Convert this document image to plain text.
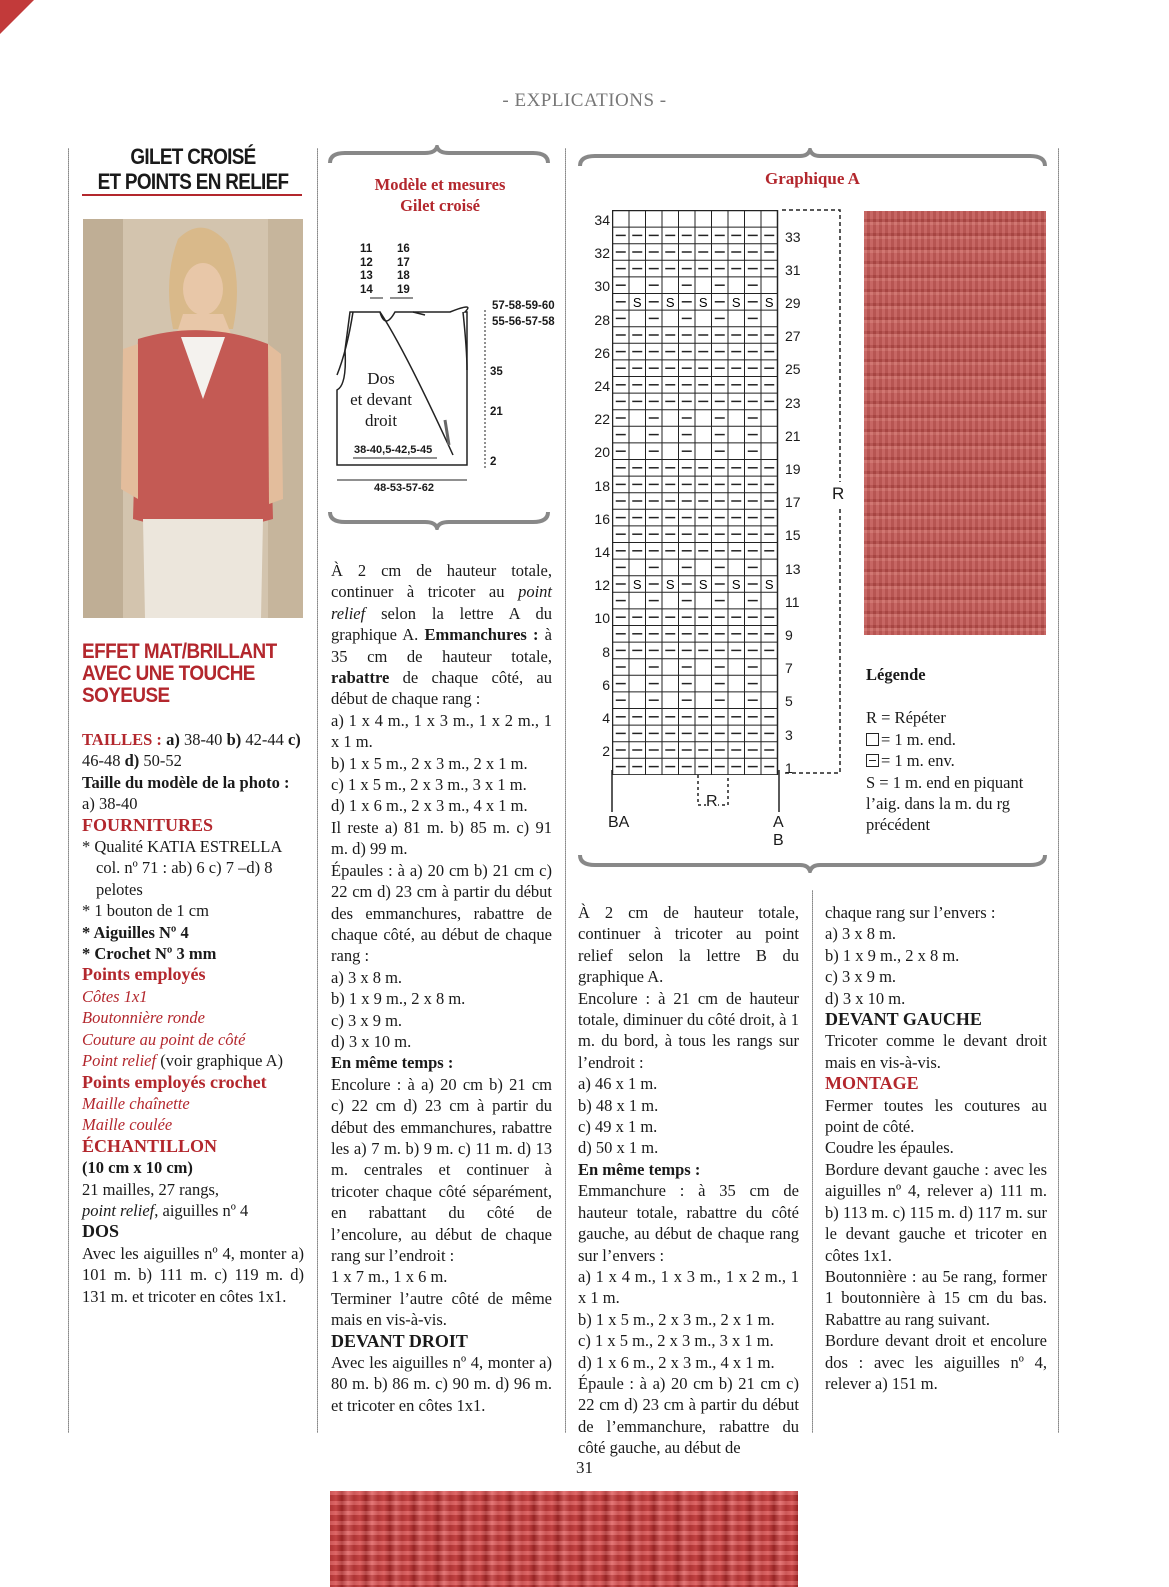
- EXPLICATIONS -
GILET CROISÉ
ET POINTS EN RELIEF
EFFET MAT/BRILLANT
AVEC UNE TOUCHE
SOYEUSE

TAILLES : a) 38-40 b) 42-44 c) 46-48 d) 50-52

Taille du modèle de la photo :

a) 38-40

FOURNITURES

* Qualité KATIA ESTRELLA col. nº 71 : ab) 6 c) 7 –d) 8 pelotes

* 1 bouton de 1 cm

* Aiguilles Nº 4

* Crochet Nº 3 mm

Points employés

Côtes 1x1

Boutonnière ronde

Couture au point de côté

Point relief (voir graphique A)

Points employés crochet

Maille chaînette

Maille coulée

ÉCHANTILLON

(10 cm x 10 cm)

21 mailles, 27 rangs,

point relief, aiguilles nº 4

DOS

Avec les aiguilles nº 4, monter a) 101 m. b) 111 m. c) 119 m. d) 131 m. et tricoter en côtes 1x1.

Modèle et mesures
Gilet croisé
11
12
13
14
16
17
18
19
57-58-59-60
55-56-57-58
Dos
et devant
droit
35
21
2
38-40,5-42,5-45
48-53-57-62

À 2 cm de hauteur totale, continuer à tricoter au point relief selon la lettre A du graphique A. Emmanchures : à 35 cm de hauteur totale, rabattre de chaque côté, au début de chaque rang :

a) 1 x 4 m., 1 x 3 m., 1 x 2 m., 1 x 1 m.

b) 1 x 5 m., 2 x 3 m., 2 x 1 m.

c) 1 x 5 m., 2 x 3 m., 3 x 1 m.

d) 1 x 6 m., 2 x 3 m., 4 x 1 m.

Il reste a) 81 m. b) 85 m. c) 91 m. d) 99 m.

Épaules : à a) 20 cm b) 21 cm c) 22 cm d) 23 cm à partir du début des emmanchures, rabattre de chaque côté, au début de chaque rang :

a) 3 x 8 m.

b) 1 x 9 m., 2 x 8 m.

c) 3 x 9 m.

d) 3 x 10 m.

En même temps :

Encolure : à a) 20 cm b) 21 cm c) 22 cm d) 23 cm à partir du début des emmanchures, rabattre les a) 7 m. b) 9 m. c) 11 m. d) 13 m. centrales et continuer à tricoter chaque côté séparément, en rabattant du côté de l’encolure, au début de chaque rang sur l’endroit :

1 x 7 m., 1 x 6 m.

Terminer l’autre côté de même mais en vis-à-vis.

DEVANT DROIT

Avec les aiguilles nº 4, monter a) 80 m. b) 86 m. c) 90 m. d) 96 m. et tricoter en côtes 1x1.

Graphique A
S S S S S
S S S S S
34
32
30
28
26
24
22
20
18
16
14
12
10
8
6
4
2
33
31
29
27
25
23
21
19
17
15
13
11
9
7
5
3
1
R
BA
R
A
B

Légende

R = Répéter

= 1 m. end.

= 1 m. env.

S = 1 m. end en piquant l’aig. dans la m. du rg précédent

À 2 cm de hauteur totale, continuer à tricoter au point relief selon la lettre B du graphique A.

Encolure : à 21 cm de hauteur totale, diminuer du côté droit, à 1 m. du bord, à tous les rangs sur l’endroit :

a) 46 x 1 m.

b) 48 x 1 m.

c) 49 x 1 m.

d) 50 x 1 m.

En même temps :

Emmanchure : à 35 cm de hauteur totale, rabattre du côté gauche, au début de chaque rang sur l’envers :

a) 1 x 4 m., 1 x 3 m., 1 x 2 m., 1 x 1 m.

b) 1 x 5 m., 2 x 3 m., 2 x 1 m.

c) 1 x 5 m., 2 x 3 m., 3 x 1 m.

d) 1 x 6 m., 2 x 3 m., 4 x 1 m.

Épaule : à a) 20 cm b) 21 cm c) 22 cm d) 23 cm à partir du début de l’emmanchure, rabattre du côté gauche, au début de

chaque rang sur l’envers :

a) 3 x 8 m.

b) 1 x 9 m., 2 x 8 m.

c) 3 x 9 m.

d) 3 x 10 m.

DEVANT GAUCHE

Tricoter comme le devant droit mais en vis-à-vis.

MONTAGE

Fermer toutes les coutures au point de côté.

Coudre les épaules.

Bordure devant gauche : avec les aiguilles nº 4, relever a) 111 m. b) 113 m. c) 115 m. d) 117 m. sur le devant gauche et tricoter en côtes 1x1.

Boutonnière : au 5e rang, former 1 boutonnière à 15 cm du bas. Rabattre au rang suivant.

Bordure devant droit et encolure dos : avec les aiguilles nº 4, relever a) 151 m.

31
